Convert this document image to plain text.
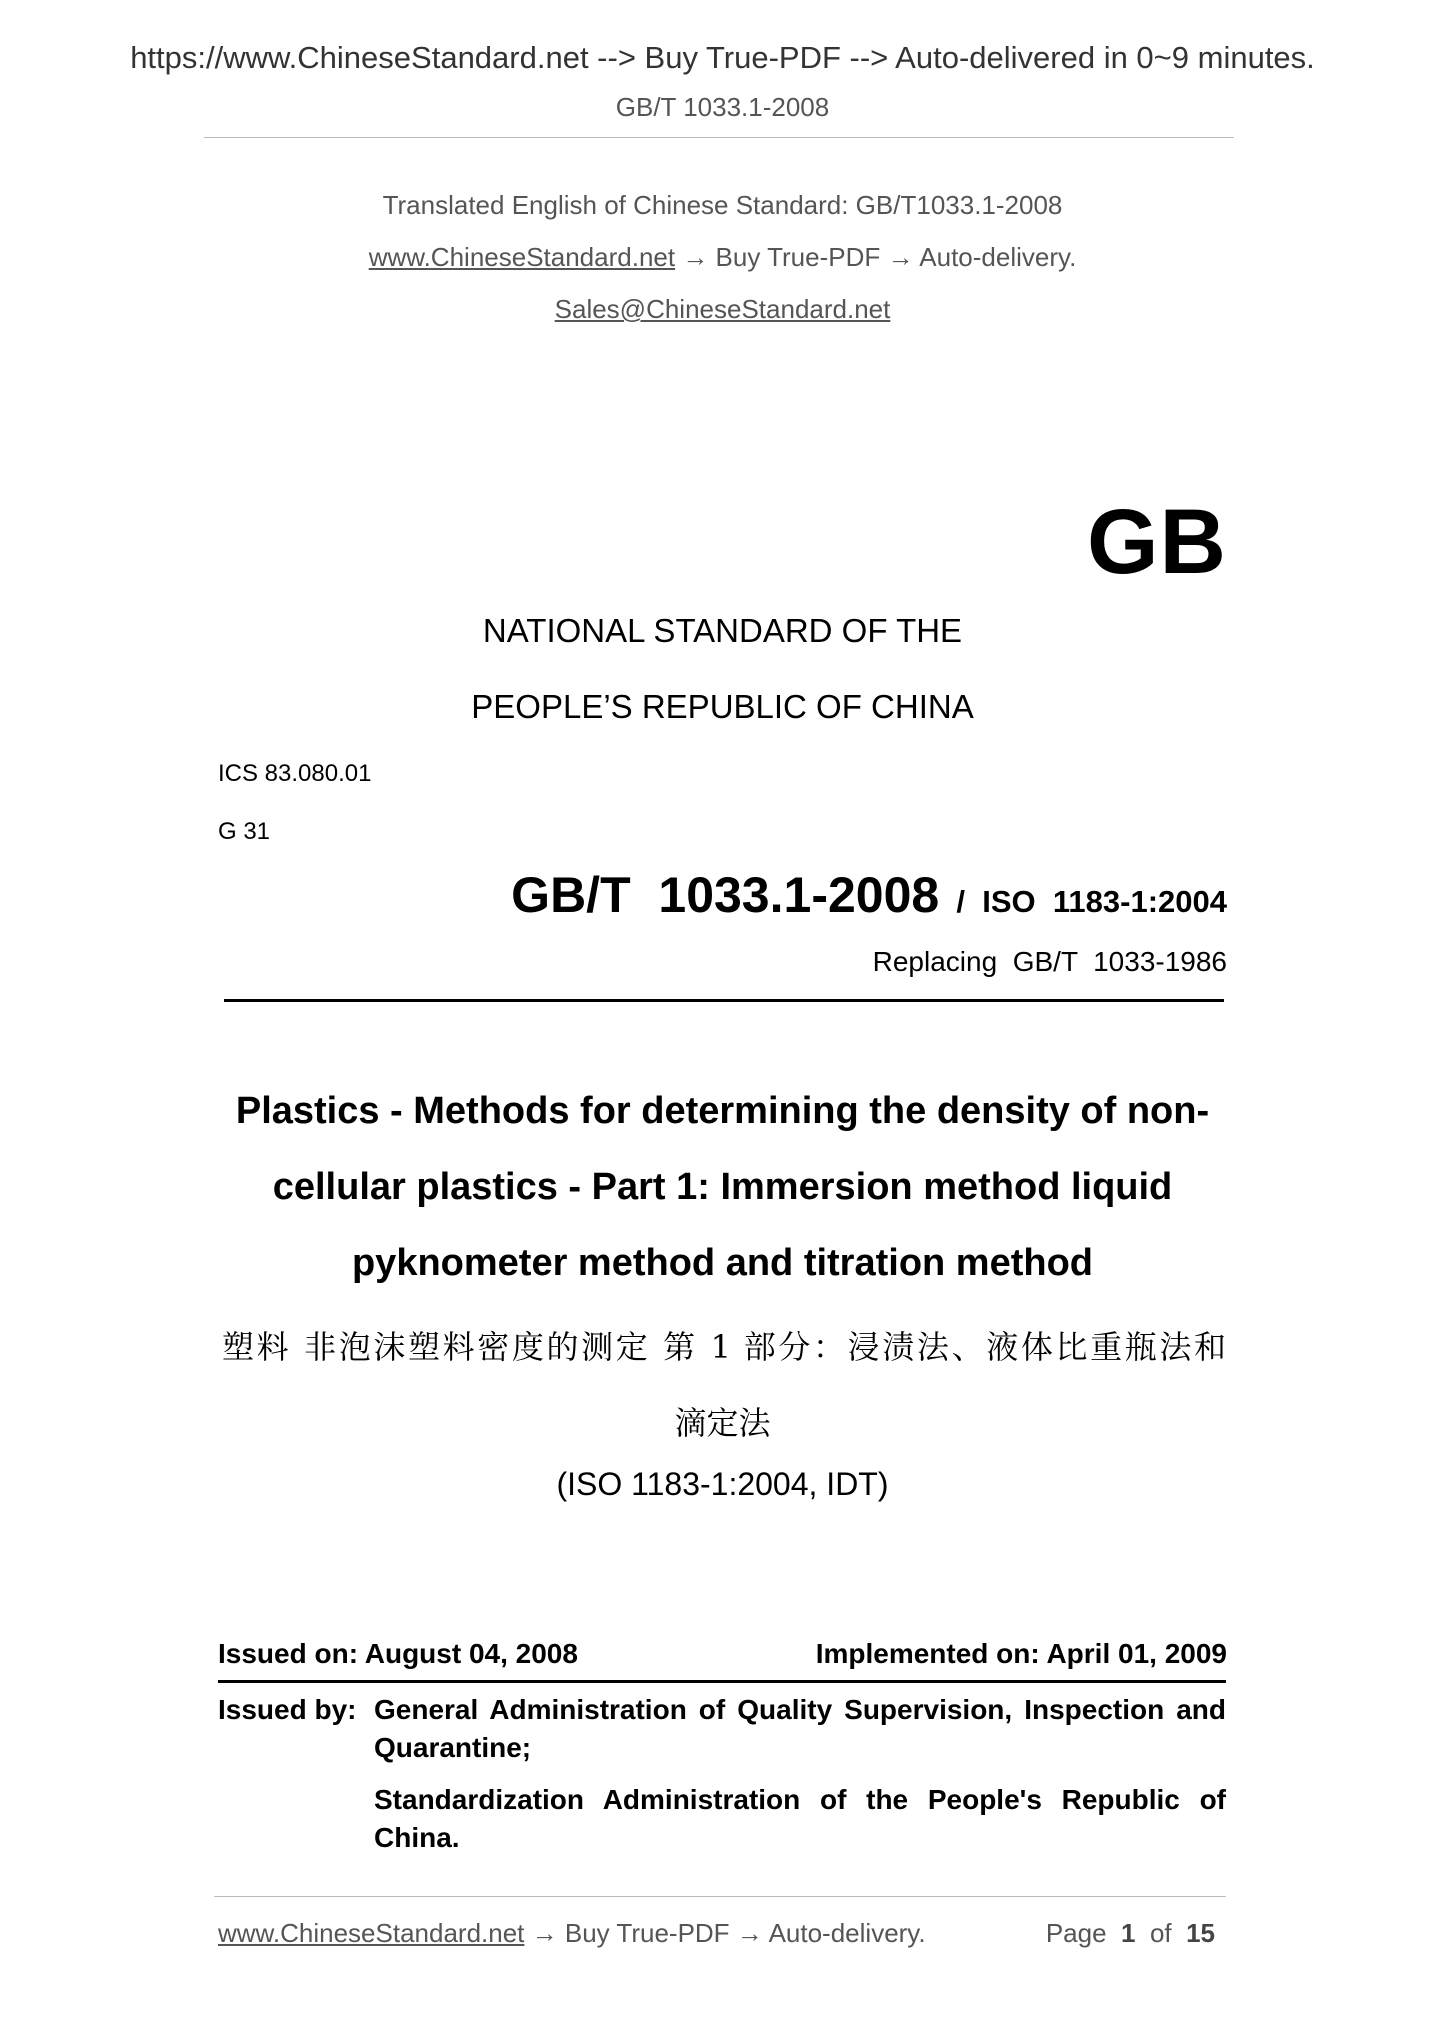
https://www.ChineseStandard.net --> Buy True-PDF --> Auto-delivered in 0~9 minutes.
GB/T 1033.1-2008
Translated English of Chinese Standard: GB/T1033.1-2008
www.ChineseStandard.net → Buy True-PDF → Auto-delivery.
Sales@ChineseStandard.net
GB
NATIONAL STANDARD OF THE
PEOPLE’S REPUBLIC OF CHINA
ICS 83.080.01
G 31
GB/T  1033.1-2008  /  ISO  1183-1:2004
Replacing  GB/T  1033-1986
Plastics - Methods for determining the density of non-
cellular plastics - Part 1: Immersion method liquid
pyknometer method and titration method
塑料 非泡沫塑料密度的测定 第 1 部分：浸渍法、液体比重瓶法和
滴定法
(ISO 1183-1:2004, IDT)
Issued on: August 04, 2008	Implemented on: April 01, 2009
Issued by: General Administration of Quality Supervision, Inspection and
Quarantine;
Standardization Administration of the People's Republic of
China.
www.ChineseStandard.net → Buy True-PDF → Auto-delivery.	Page 1 of 15
